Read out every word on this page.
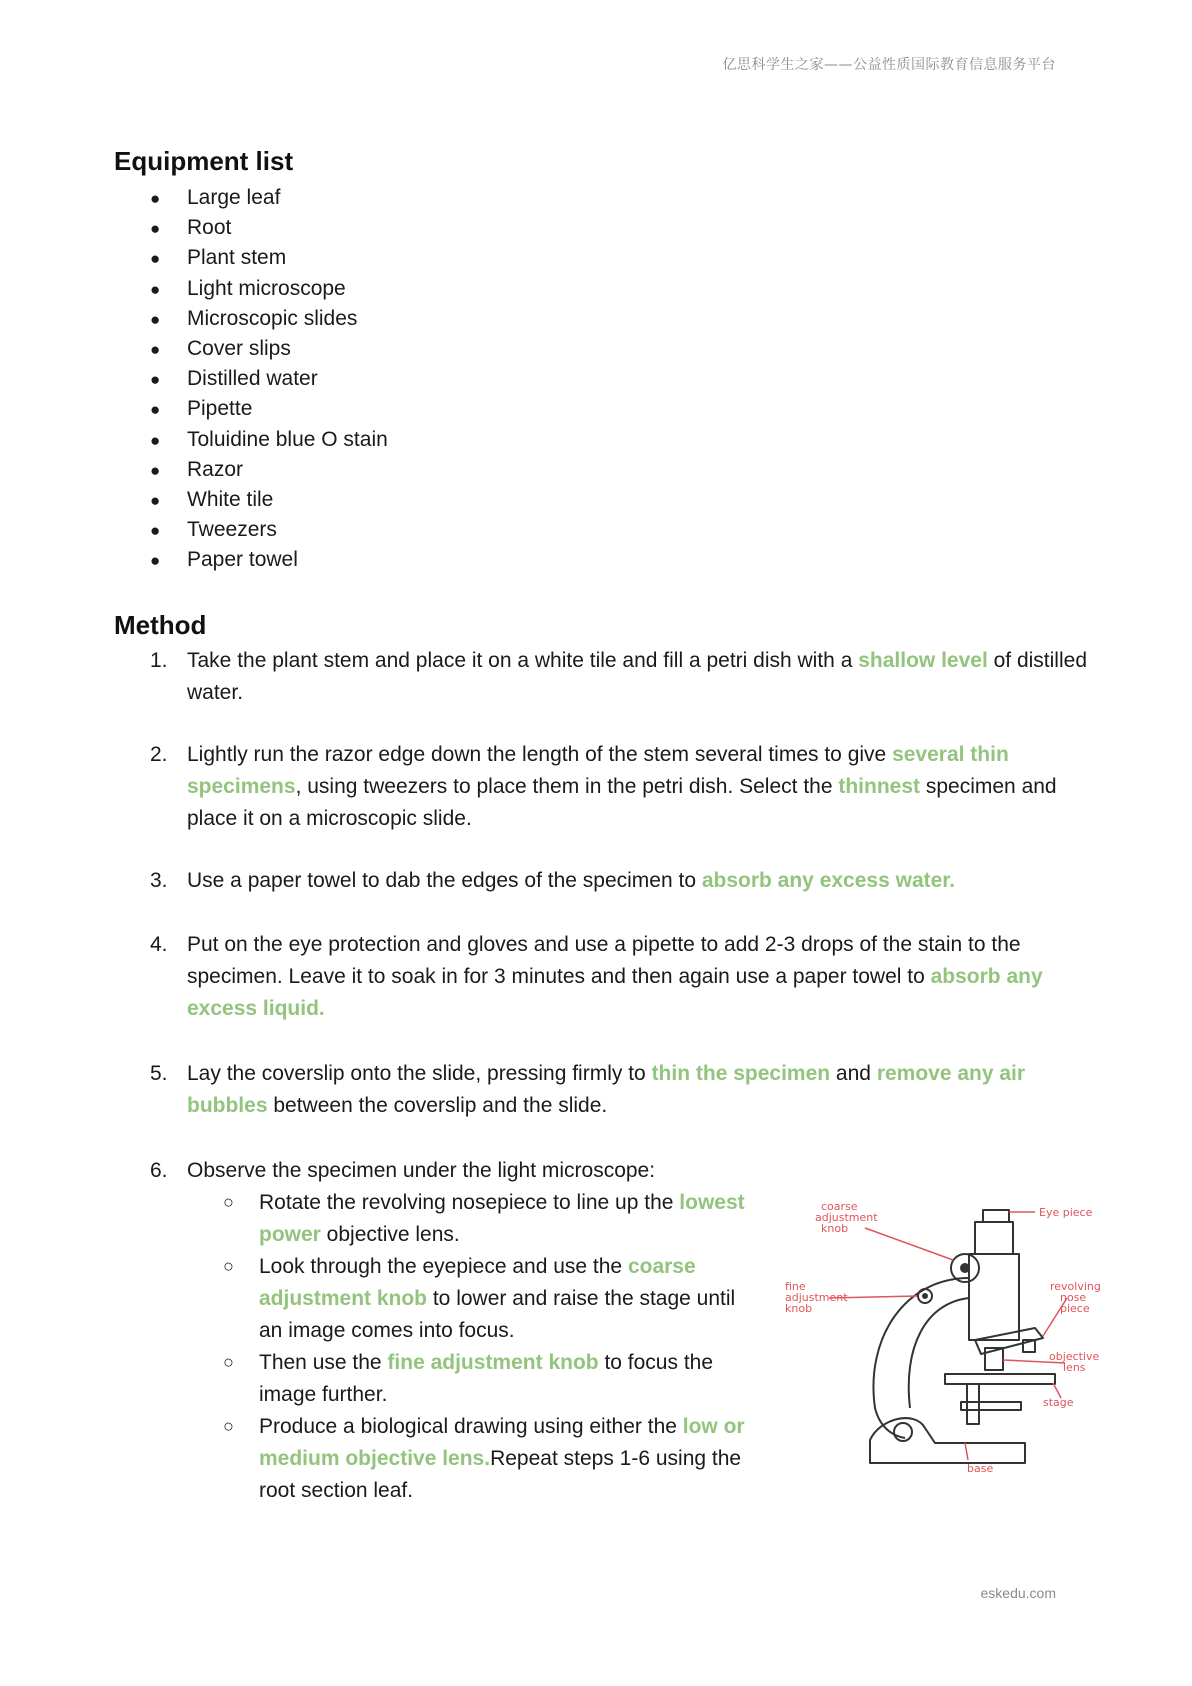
亿思科学生之家——公益性质国际教育信息服务平台
Equipment list
● Large leaf
● Root
● Plant stem
● Light microscope
● Microscopic slides
● Cover slips
● Distilled water
● Pipette
● Toluidine blue O stain
● Razor
● White tile
● Tweezers
● Paper towel
Method
1. Take the plant stem and place it on a white tile and fill a petri dish with a shallow level of distilled water.
2. Lightly run the razor edge down the length of the stem several times to give several thin specimens, using tweezers to place them in the petri dish. Select the thinnest specimen and place it on a microscopic slide.
3. Use a paper towel to dab the edges of the specimen to absorb any excess water.
4. Put on the eye protection and gloves and use a pipette to add 2-3 drops of the stain to the specimen. Leave it to soak in for 3 minutes and then again use a paper towel to absorb any excess liquid.
5. Lay the coverslip onto the slide, pressing firmly to thin the specimen and remove any air bubbles between the coverslip and the slide.
6. Observe the specimen under the light microscope:
○ Rotate the revolving nosepiece to line up the lowest power objective lens.
○ Look through the eyepiece and use the coarse adjustment knob to lower and raise the stage until an image comes into focus.
○ Then use the fine adjustment knob to focus the image further.
○ Produce a biological drawing using either the low or medium objective lens.Repeat steps 1-6 using the root section leaf.
Eye piece
coarse
adjustment
knob
fine
adjustment
knob
revolving
nose
piece
objective
lens
stage
base
eskedu.com
